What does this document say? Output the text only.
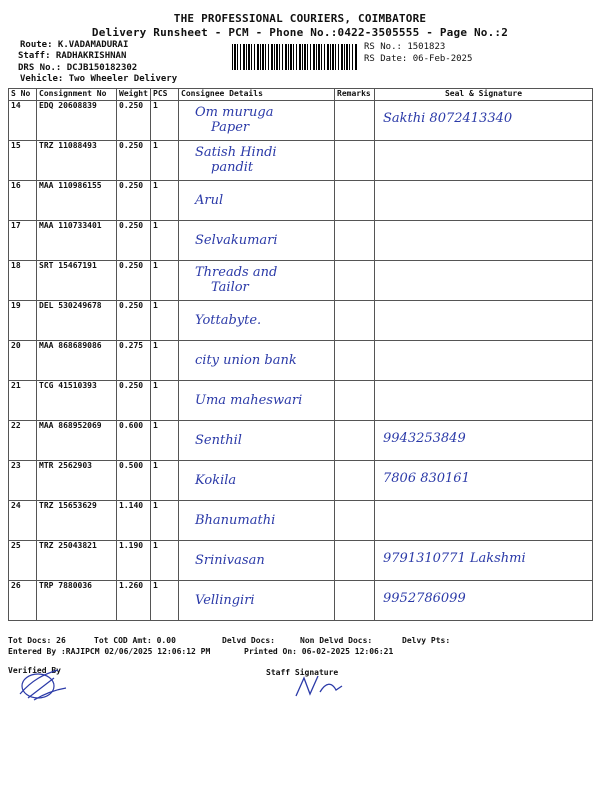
THE PROFESSIONAL COURIERS, COIMBATORE
Delivery Runsheet - PCM - Phone No.:0422-3505555 - Page No.:2
Route: K.VADAMADURAI
Staff: RADHAKRISHNAN
DRS No.: DCJB150182302
Vehicle: Two Wheeler Delivery
RS No.: 1501823
RS Date: 06-Feb-2025
S No	Consignment No	Weight	PCS	Consignee Details	Remarks	Seal & Signature
14	EDQ 20608839	0.250	1	Om muruga
Paper		Sakthi 8072413340

15	TRZ 11088493	0.250	1	Satish Hindi
pandit		

16	MAA 110986155	0.250	1	Arul		

17	MAA 110733401	0.250	1	Selvakumari		

18	SRT 15467191	0.250	1	Threads and
Tailor		

19	DEL 530249678	0.250	1	Yottabyte.		

20	MAA 868689086	0.275	1	city union bank		

21	TCG 41510393	0.250	1	Uma maheswari		

22	MAA 868952069	0.600	1	Senthil		9943253849

23	MTR 2562903	0.500	1	Kokila		7806 830161

24	TRZ 15653629	1.140	1	Bhanumathi		

25	TRZ 25043821	1.190	1	Srinivasan		9791310771 Lakshmi

26	TRP 7880036	1.260	1	Vellingiri		9952786099
Tot Docs: 26	Tot COD Amt: 0.00	Delvd Docs:	Non Delvd Docs:	Delvy Pts:
Entered By :RAJIPCM 02/06/2025 12:06:12 PM	Printed On: 06-02-2025 12:06:21
Verified By	Staff Signature
